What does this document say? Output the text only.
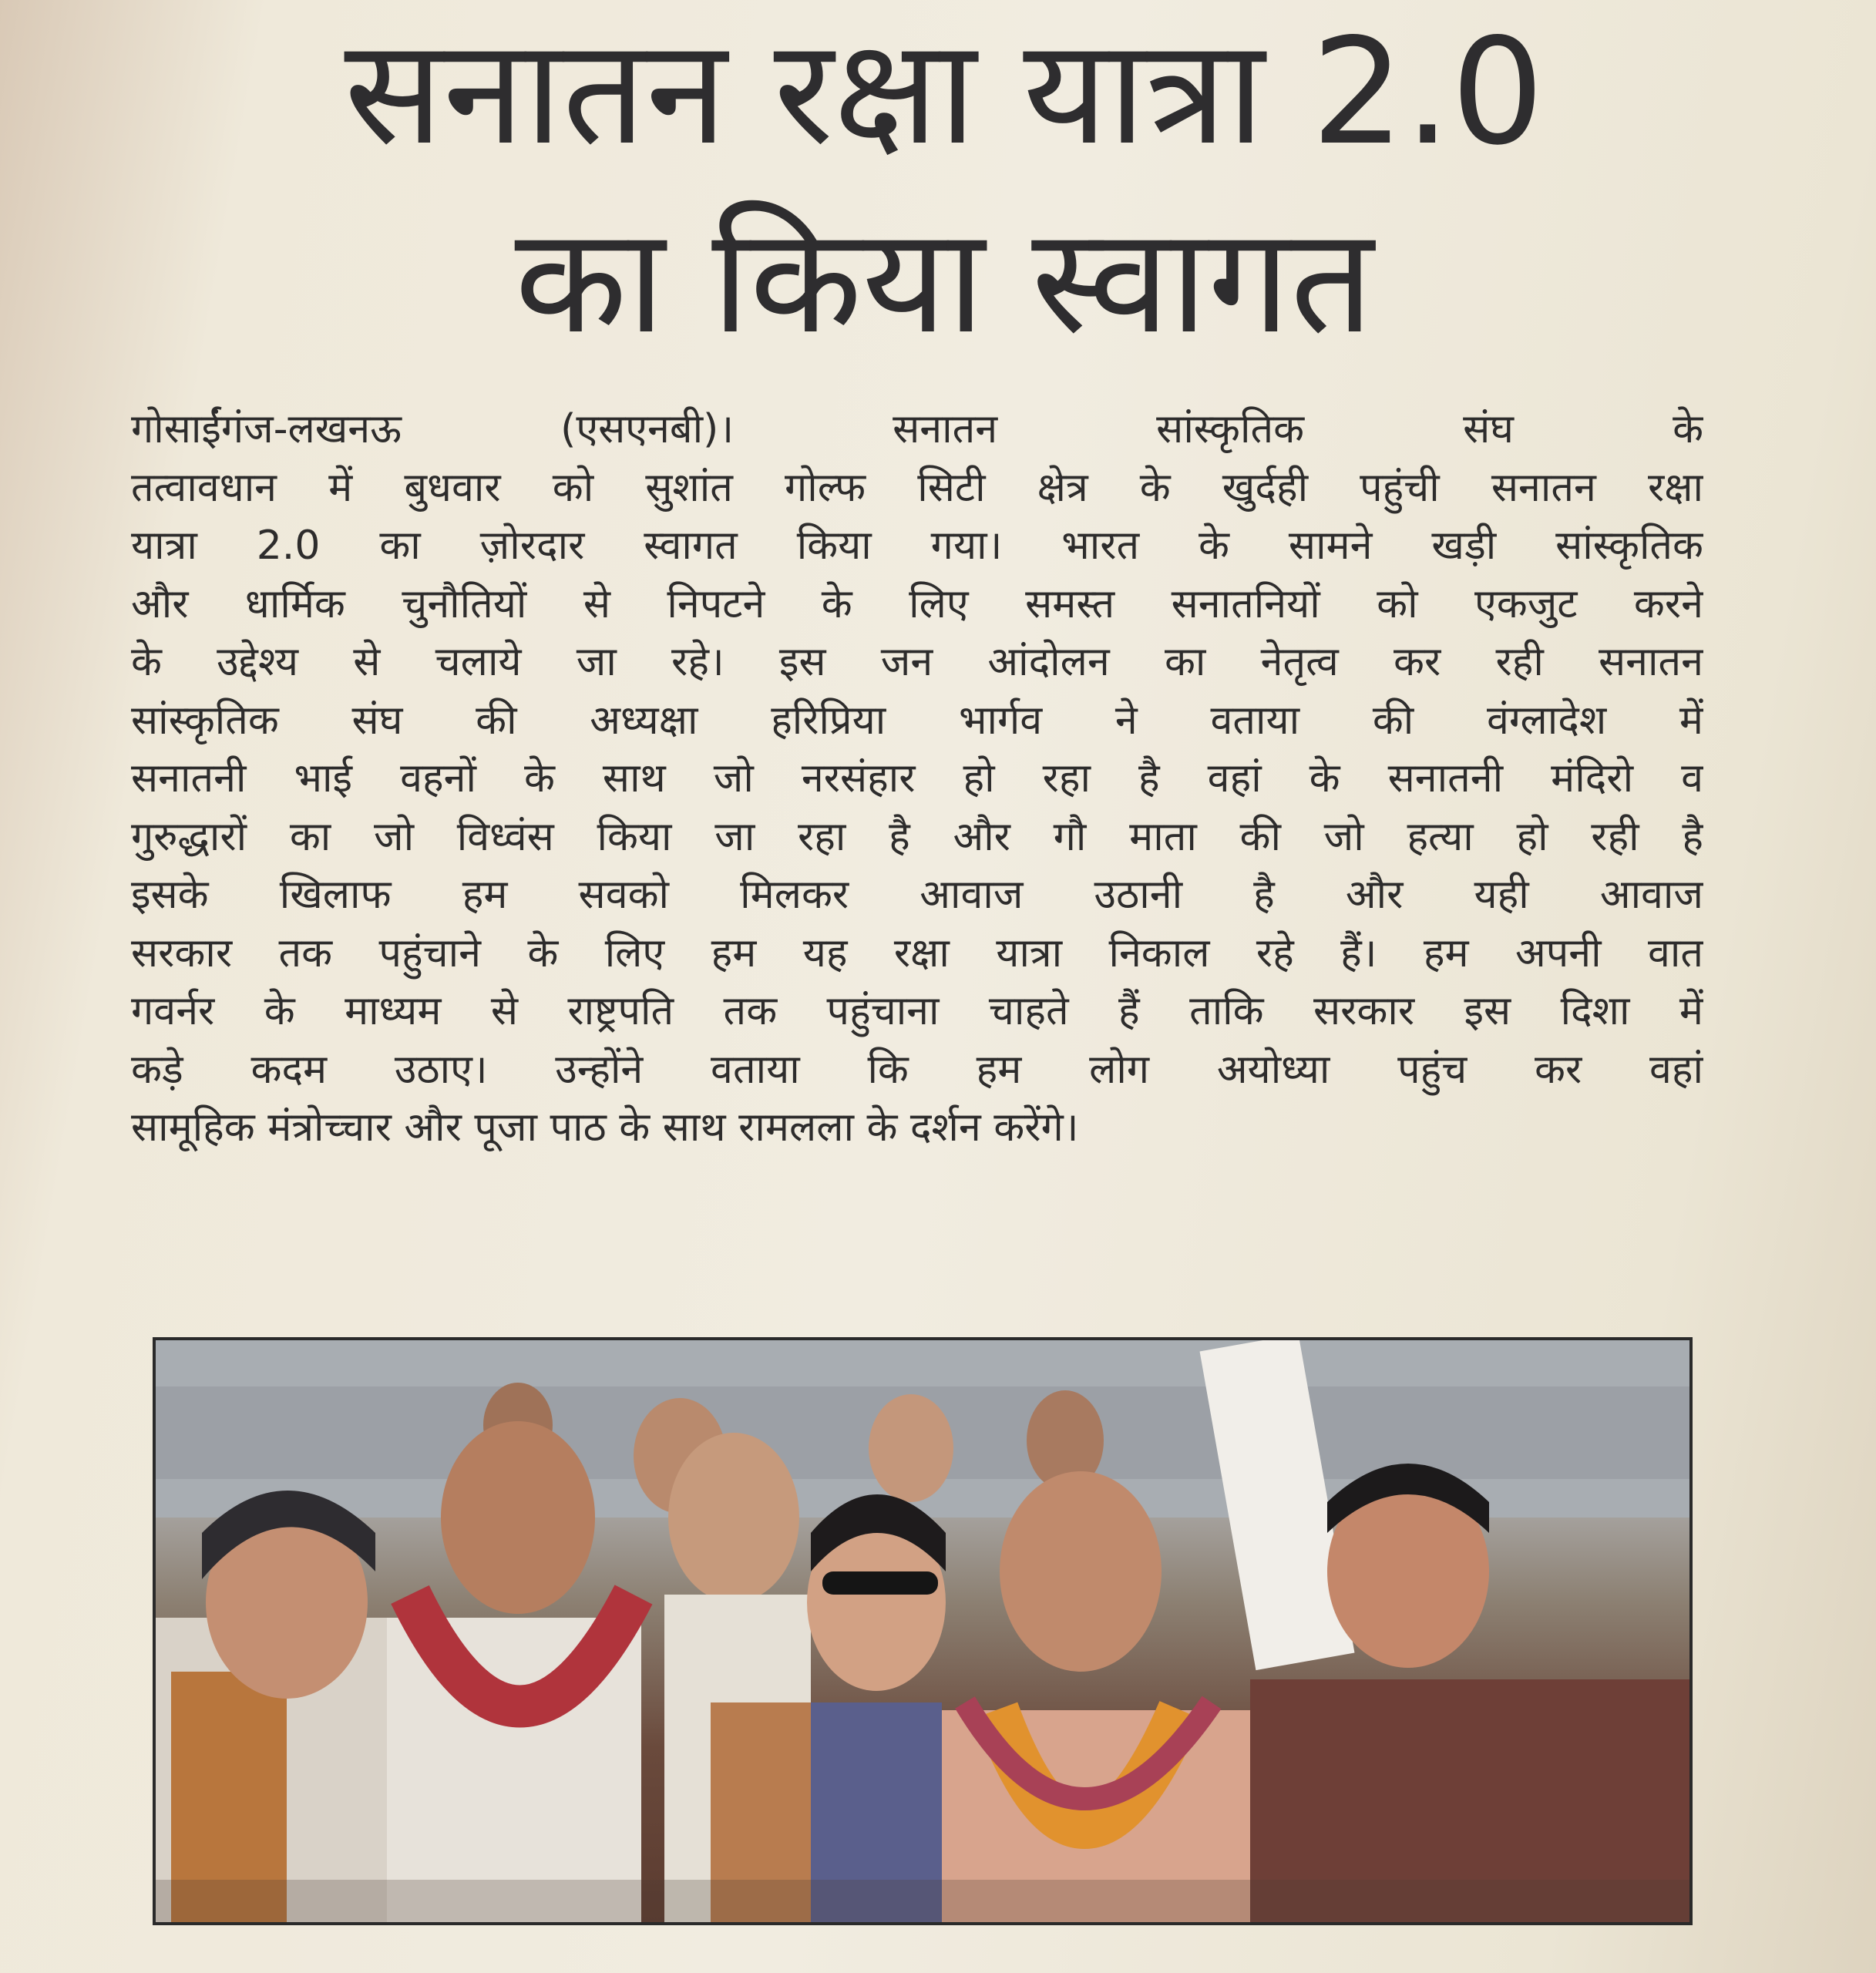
सनातन रक्षा यात्रा 2.0
का किया स्वागत
गोसाईंगंज-लखनऊ (एसएनबी)। सनातन सांस्कृतिक संघ के
तत्वावधान में बुधवार को सुशांत गोल्फ सिटी क्षेत्र के खुर्दही पहुंची सनातन रक्षा
यात्रा 2.0 का ज़ोरदार स्वागत किया गया। भारत के सामने खड़ी सांस्कृतिक
और धार्मिक चुनौतियों से निपटने के लिए समस्त सनातनियों को एकजुट करने
के उद्देश्य से चलाये जा रहे। इस जन आंदोलन का नेतृत्व कर रही सनातन
सांस्कृतिक संघ की अध्यक्षा हरिप्रिया भार्गव ने वताया की वंग्लादेश में
सनातनी भाई वहनों के साथ जो नरसंहार हो रहा है वहां के सनातनी मंदिरो व
गुरुद्धारों का जो विध्वंस किया जा रहा है और गौ माता की जो हत्या हो रही है
इसके खिलाफ हम सवको मिलकर आवाज उठानी है और यही आवाज
सरकार तक पहुंचाने के लिए हम यह रक्षा यात्रा निकाल रहे हैं। हम अपनी वात
गवर्नर के माध्यम से राष्ट्रपति तक पहुंचाना चाहते हैं ताकि सरकार इस दिशा में
कड़े कदम उठाए। उन्होंने वताया कि हम लोग अयोध्या पहुंच कर वहां
सामूहिक मंत्रोच्चार और पूजा पाठ के साथ रामलला के दर्शन करेंगे।
